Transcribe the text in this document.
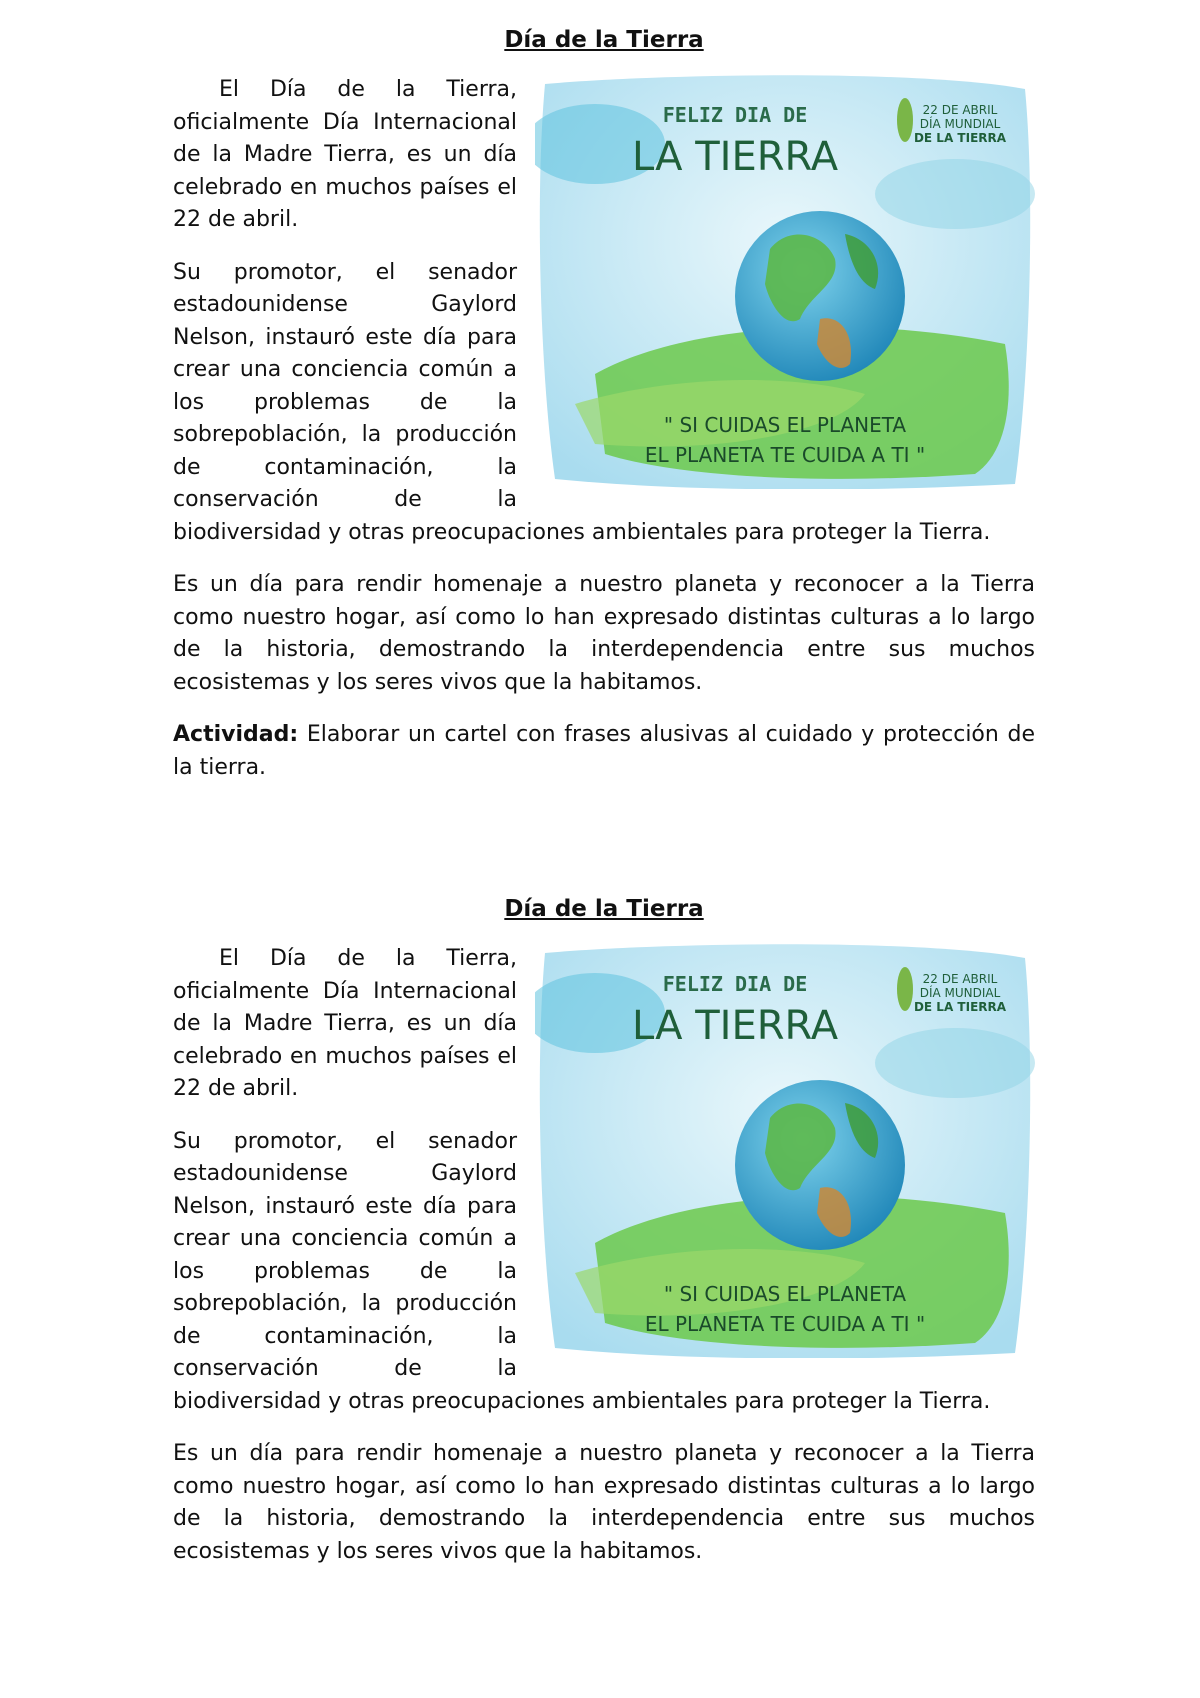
Día de la Tierra
FELIZ DIA DE
LA TIERRA
22 DE ABRIL
DÍA MUNDIAL
DE LA TIERRA
" SI CUIDAS EL PLANETA
EL PLANETA TE CUIDA A TI "

El Día de la Tierra, oficialmente Día Internacional de la Madre Tierra, es un día celebrado en muchos países el 22 de abril.

Su promotor, el senador estadounidense Gaylord Nelson, instauró este día para crear una conciencia común a los problemas de la sobrepoblación, la producción de contaminación, la conservación de la biodiversidad y otras preocupaciones ambientales para proteger la Tierra.

Es un día para rendir homenaje a nuestro planeta y reconocer a la Tierra como nuestro hogar, así como lo han expresado distintas culturas a lo largo de la historia, demostrando la interdependencia entre sus muchos ecosistemas y los seres vivos que la habitamos.

Actividad: Elaborar un cartel con frases alusivas al cuidado y protección de la tierra.

Día de la Tierra
FELIZ DIA DE
LA TIERRA
22 DE ABRIL
DÍA MUNDIAL
DE LA TIERRA
" SI CUIDAS EL PLANETA
EL PLANETA TE CUIDA A TI "

El Día de la Tierra, oficialmente Día Internacional de la Madre Tierra, es un día celebrado en muchos países el 22 de abril.

Su promotor, el senador estadounidense Gaylord Nelson, instauró este día para crear una conciencia común a los problemas de la sobrepoblación, la producción de contaminación, la conservación de la biodiversidad y otras preocupaciones ambientales para proteger la Tierra.

Es un día para rendir homenaje a nuestro planeta y reconocer a la Tierra como nuestro hogar, así como lo han expresado distintas culturas a lo largo de la historia, demostrando la interdependencia entre sus muchos ecosistemas y los seres vivos que la habitamos.
